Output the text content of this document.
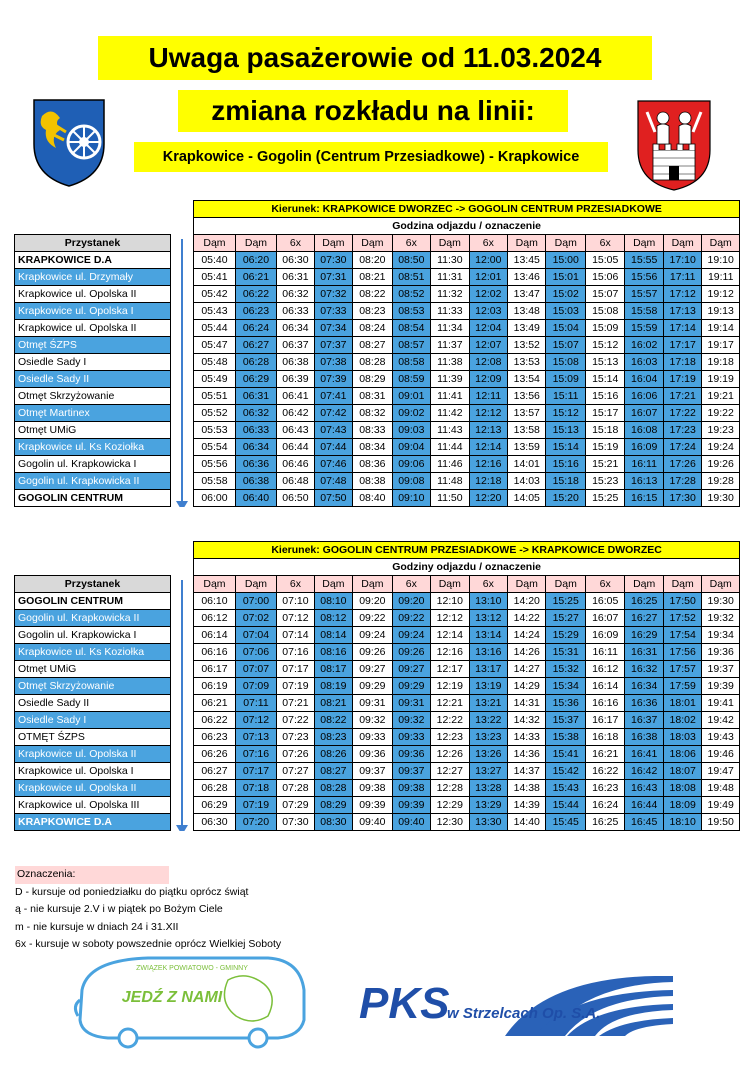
Uwaga pasażerowie od 11.03.2024
zmiana rozkładu na linii:
Krapkowice - Gogolin (Centrum Przesiadkowe) - Krapkowice
		Kierunek: KRAPKOWICE DWORZEC -> GOGOLIN CENTRUM PRZESIADKOWE													
		Godzina odjazdu / oznaczenie													
Przystanek		Dąm	Dąm	6x	Dąm	Dąm	6x	Dąm	6x	Dąm	Dąm	6x	Dąm	Dąm	Dąm
KRAPKOWICE D.A		05:40	06:20	06:30	07:30	08:20	08:50	11:30	12:00	13:45	15:00	15:05	15:55	17:10	19:10
Krapkowice ul. Drzymały		05:41	06:21	06:31	07:31	08:21	08:51	11:31	12:01	13:46	15:01	15:06	15:56	17:11	19:11
Krapkowice ul. Opolska II		05:42	06:22	06:32	07:32	08:22	08:52	11:32	12:02	13:47	15:02	15:07	15:57	17:12	19:12
Krapkowice ul. Opolska I		05:43	06:23	06:33	07:33	08:23	08:53	11:33	12:03	13:48	15:03	15:08	15:58	17:13	19:13
Krapkowice ul. Opolska II		05:44	06:24	06:34	07:34	08:24	08:54	11:34	12:04	13:49	15:04	15:09	15:59	17:14	19:14
Otmęt ŚZPS		05:47	06:27	06:37	07:37	08:27	08:57	11:37	12:07	13:52	15:07	15:12	16:02	17:17	19:17
Osiedle Sady I		05:48	06:28	06:38	07:38	08:28	08:58	11:38	12:08	13:53	15:08	15:13	16:03	17:18	19:18
Osiedle Sady II		05:49	06:29	06:39	07:39	08:29	08:59	11:39	12:09	13:54	15:09	15:14	16:04	17:19	19:19
Otmęt Skrzyżowanie		05:51	06:31	06:41	07:41	08:31	09:01	11:41	12:11	13:56	15:11	15:16	16:06	17:21	19:21
Otmęt Martinex		05:52	06:32	06:42	07:42	08:32	09:02	11:42	12:12	13:57	15:12	15:17	16:07	17:22	19:22
Otmęt UMiG		05:53	06:33	06:43	07:43	08:33	09:03	11:43	12:13	13:58	15:13	15:18	16:08	17:23	19:23
Krapkowice ul. Ks Koziołka		05:54	06:34	06:44	07:44	08:34	09:04	11:44	12:14	13:59	15:14	15:19	16:09	17:24	19:24
Gogolin ul. Krapkowicka I		05:56	06:36	06:46	07:46	08:36	09:06	11:46	12:16	14:01	15:16	15:21	16:11	17:26	19:26
Gogolin ul. Krapkowicka II		05:58	06:38	06:48	07:48	08:38	09:08	11:48	12:18	14:03	15:18	15:23	16:13	17:28	19:28
GOGOLIN CENTRUM		06:00	06:40	06:50	07:50	08:40	09:10	11:50	12:20	14:05	15:20	15:25	16:15	17:30	19:30
		Kierunek: GOGOLIN CENTRUM PRZESIADKOWE -> KRAPKOWICE DWORZEC													
		Godziny odjazdu / oznaczenie													
Przystanek		Dąm	Dąm	6x	Dąm	Dąm	6x	Dąm	6x	Dąm	Dąm	6x	Dąm	Dąm	Dąm
GOGOLIN CENTRUM		06:10	07:00	07:10	08:10	09:20	09:20	12:10	13:10	14:20	15:25	16:05	16:25	17:50	19:30
Gogolin ul. Krapkowicka II		06:12	07:02	07:12	08:12	09:22	09:22	12:12	13:12	14:22	15:27	16:07	16:27	17:52	19:32
Gogolin ul. Krapkowicka I		06:14	07:04	07:14	08:14	09:24	09:24	12:14	13:14	14:24	15:29	16:09	16:29	17:54	19:34
Krapkowice ul. Ks Koziołka		06:16	07:06	07:16	08:16	09:26	09:26	12:16	13:16	14:26	15:31	16:11	16:31	17:56	19:36
Otmęt UMiG		06:17	07:07	07:17	08:17	09:27	09:27	12:17	13:17	14:27	15:32	16:12	16:32	17:57	19:37
Otmęt Skrzyżowanie		06:19	07:09	07:19	08:19	09:29	09:29	12:19	13:19	14:29	15:34	16:14	16:34	17:59	19:39
Osiedle Sady II		06:21	07:11	07:21	08:21	09:31	09:31	12:21	13:21	14:31	15:36	16:16	16:36	18:01	19:41
Osiedle Sady I		06:22	07:12	07:22	08:22	09:32	09:32	12:22	13:22	14:32	15:37	16:17	16:37	18:02	19:42
OTMĘT ŚZPS		06:23	07:13	07:23	08:23	09:33	09:33	12:23	13:23	14:33	15:38	16:18	16:38	18:03	19:43
Krapkowice ul. Opolska II		06:26	07:16	07:26	08:26	09:36	09:36	12:26	13:26	14:36	15:41	16:21	16:41	18:06	19:46
Krapkowice ul. Opolska I		06:27	07:17	07:27	08:27	09:37	09:37	12:27	13:27	14:37	15:42	16:22	16:42	18:07	19:47
Krapkowice ul. Opolska II		06:28	07:18	07:28	08:28	09:38	09:38	12:28	13:28	14:38	15:43	16:23	16:43	18:08	19:48
Krapkowice ul. Opolska III		06:29	07:19	07:29	08:29	09:39	09:39	12:29	13:29	14:39	15:44	16:24	16:44	18:09	19:49
KRAPKOWICE D.A		06:30	07:20	07:30	08:30	09:40	09:40	12:30	13:30	14:40	15:45	16:25	16:45	18:10	19:50
Oznaczenia:
D - kursuje od poniedziałku do piątku oprócz świąt
ą - nie kursuje 2.V i w piątek po Bożym Ciele
m - nie kursuje w dniach 24 i 31.XII
6x - kursuje w soboty powszednie oprócz Wielkiej Soboty
ZWIĄZEK POWIATOWO - GMINNY
JEDŹ Z NAMI	PKS
w Strzelcach Op. S.A.
